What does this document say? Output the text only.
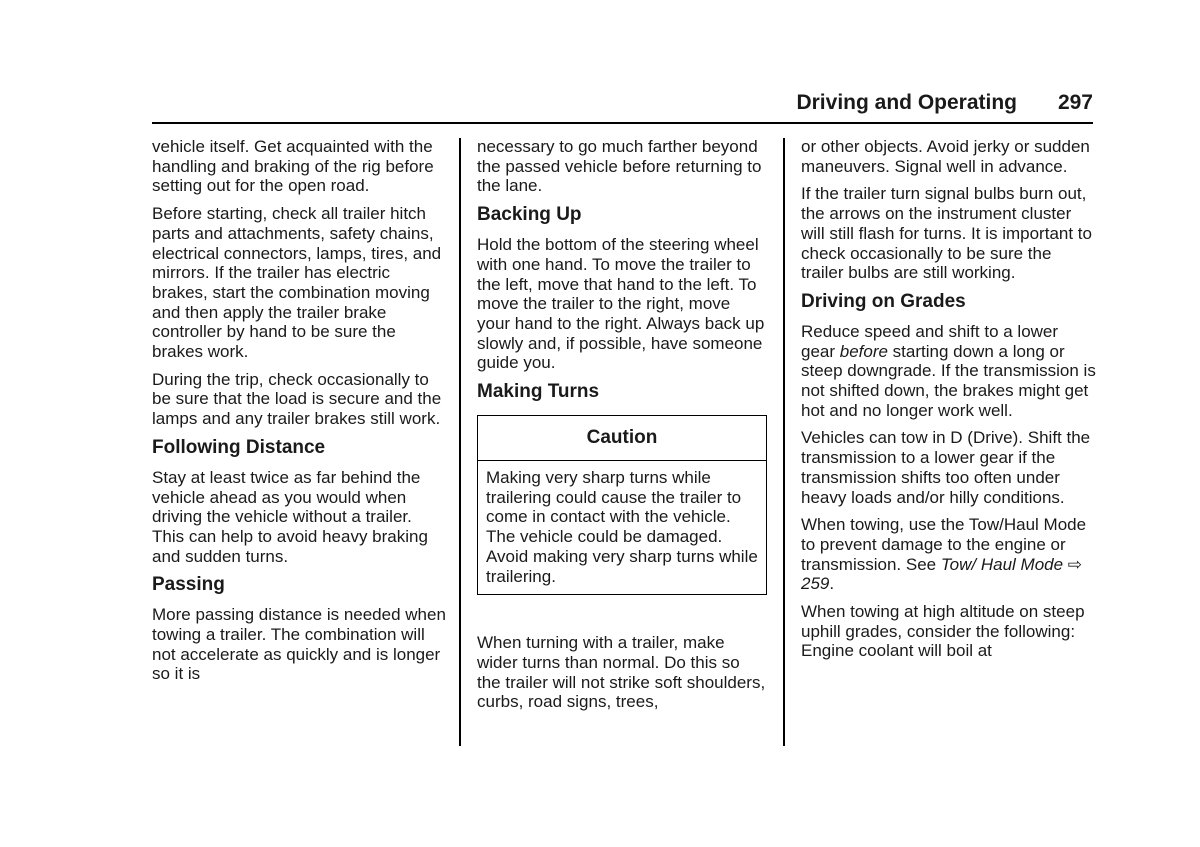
Driving and Operating 297

vehicle itself. Get acquainted with the handling and braking of the rig before setting out for the open road.

Before starting, check all trailer hitch parts and attachments, safety chains, electrical connectors, lamps, tires, and mirrors. If the trailer has electric brakes, start the combination moving and then apply the trailer brake controller by hand to be sure the brakes work.

During the trip, check occasionally to be sure that the load is secure and the lamps and any trailer brakes still work.

Following Distance

Stay at least twice as far behind the vehicle ahead as you would when driving the vehicle without a trailer. This can help to avoid heavy braking and sudden turns.

Passing

More passing distance is needed when towing a trailer. The combination will not accelerate as quickly and is longer so it is

necessary to go much farther beyond the passed vehicle before returning to the lane.

Backing Up

Hold the bottom of the steering wheel with one hand. To move the trailer to the left, move that hand to the left. To move the trailer to the right, move your hand to the right. Always back up slowly and, if possible, have someone guide you.

Making Turns
Caution
Making very sharp turns while trailering could cause the trailer to come in contact with the vehicle. The vehicle could be damaged. Avoid making very sharp turns while trailering.

When turning with a trailer, make wider turns than normal. Do this so the trailer will not strike soft shoulders, curbs, road signs, trees,

or other objects. Avoid jerky or sudden maneuvers. Signal well in advance.

If the trailer turn signal bulbs burn out, the arrows on the instrument cluster will still flash for turns. It is important to check occasionally to be sure the trailer bulbs are still working.

Driving on Grades

Reduce speed and shift to a lower gear before starting down a long or steep downgrade. If the transmission is not shifted down, the brakes might get hot and no longer work well.

Vehicles can tow in D (Drive). Shift the transmission to a lower gear if the transmission shifts too often under heavy loads and/or hilly conditions.

When towing, use the Tow/Haul Mode to prevent damage to the engine or transmission. See Tow/ Haul Mode ⇨ 259.

When towing at high altitude on steep uphill grades, consider the following: Engine coolant will boil at
